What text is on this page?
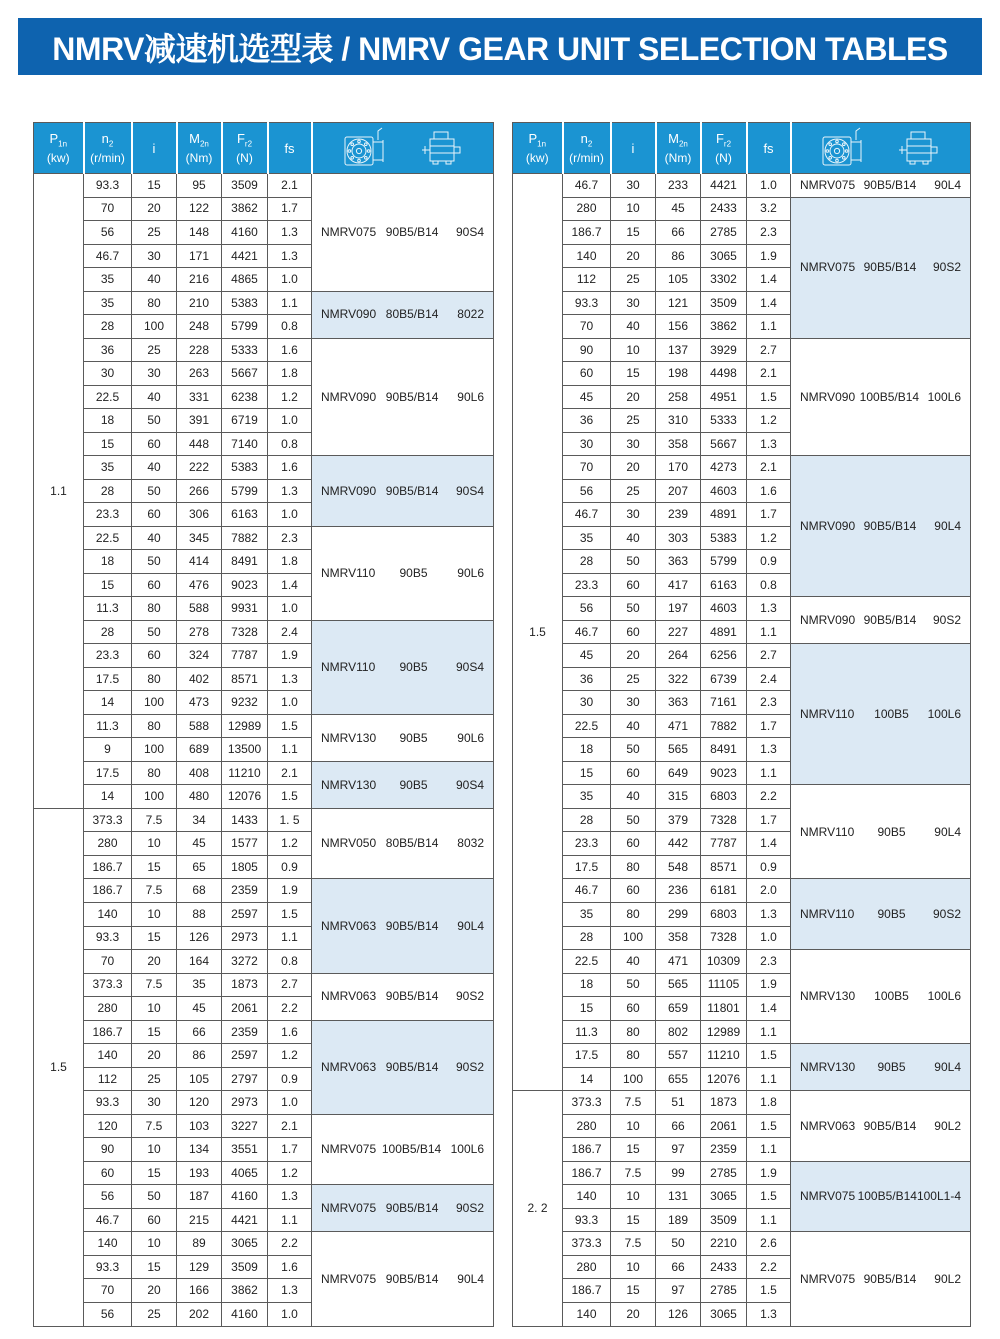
NMRV减速机选型表 / NMRV GEAR UNIT SELECTION TABLES
$P_{1n}$
(kw)	$n_2$
(r/min)	i	$M_{2n}$
(Nm)	$F_{r2}$
(N)	fs

1.1	93.3	15	95	3509	2.1	NMRV075 90B5/B14 90S4

	70	20	122	3862	1.7	
	56	25	148	4160	1.3	
	46.7	30	171	4421	1.3	
	35	40	216	4865	1.0	
	35	80	210	5383	1.1	NMRV090 80B5/B14 8022

	28	100	248	5799	0.8	
	36	25	228	5333	1.6	NMRV090 90B5/B14 90L6

	30	30	263	5667	1.8	
	22.5	40	331	6238	1.2	
	18	50	391	6719	1.0	
	15	60	448	7140	0.8	
	35	40	222	5383	1.6	NMRV090 90B5/B14 90S4

	28	50	266	5799	1.3	
	23.3	60	306	6163	1.0	
	22.5	40	345	7882	2.3	NMRV110 90B5 90L6

	18	50	414	8491	1.8	
	15	60	476	9023	1.4	
	11.3	80	588	9931	1.0	
	28	50	278	7328	2.4	NMRV110 90B5 90S4

	23.3	60	324	7787	1.9	
	17.5	80	402	8571	1.3	
	14	100	473	9232	1.0	
	11.3	80	588	12989	1.5	NMRV130 90B5 90L6

	9	100	689	13500	1.1	
	17.5	80	408	11210	2.1	NMRV130 90B5 90S4

	14	100	480	12076	1.5	
1.5	373.3	7.5	34	1433	1. 5	NMRV050 80B5/B14 8032

	280	10	45	1577	1.2	
	186.7	15	65	1805	0.9	
	186.7	7.5	68	2359	1.9	NMRV063 90B5/B14 90L4

	140	10	88	2597	1.5	
	93.3	15	126	2973	1.1	
	70	20	164	3272	0.8	
	373.3	7.5	35	1873	2.7	NMRV063 90B5/B14 90S2

	280	10	45	2061	2.2	
	186.7	15	66	2359	1.6	NMRV063 90B5/B14 90S2

	140	20	86	2597	1.2	
	112	25	105	2797	0.9	
	93.3	30	120	2973	1.0	
	120	7.5	103	3227	2.1	NMRV075 100B5/B14 100L6

	90	10	134	3551	1.7	
	60	15	193	4065	1.2	
	56	50	187	4160	1.3	NMRV075 90B5/B14 90S2

	46.7	60	215	4421	1.1	
	140	10	89	3065	2.2	NMRV075 90B5/B14 90L4

	93.3	15	129	3509	1.6	
	70	20	166	3862	1.3	
	56	25	202	4160	1.0	
$P_{1n}$
(kw)	$n_2$
(r/min)	i	$M_{2n}$
(Nm)	$F_{r2}$
(N)	fs

1.5	46.7	30	233	4421	1.0	NMRV075 90B5/B14 90L4

	280	10	45	2433	3.2	NMRV075 90B5/B14 90S2

	186.7	15	66	2785	2.3	
	140	20	86	3065	1.9	
	112	25	105	3302	1.4	
	93.3	30	121	3509	1.4	
	70	40	156	3862	1.1	
	90	10	137	3929	2.7	NMRV090 100B5/B14 100L6

	60	15	198	4498	2.1	
	45	20	258	4951	1.5	
	36	25	310	5333	1.2	
	30	30	358	5667	1.3	
	70	20	170	4273	2.1	NMRV090 90B5/B14 90L4

	56	25	207	4603	1.6	
	46.7	30	239	4891	1.7	
	35	40	303	5383	1.2	
	28	50	363	5799	0.9	
	23.3	60	417	6163	0.8	
	56	50	197	4603	1.3	NMRV090 90B5/B14 90S2

	46.7	60	227	4891	1.1	
	45	20	264	6256	2.7	NMRV110 100B5 100L6

	36	25	322	6739	2.4	
	30	30	363	7161	2.3	
	22.5	40	471	7882	1.7	
	18	50	565	8491	1.3	
	15	60	649	9023	1.1	
	35	40	315	6803	2.2	NMRV110 90B5 90L4

	28	50	379	7328	1.7	
	23.3	60	442	7787	1.4	
	17.5	80	548	8571	0.9	
	46.7	60	236	6181	2.0	NMRV110 90B5 90S2

	35	80	299	6803	1.3	
	28	100	358	7328	1.0	
	22.5	40	471	10309	2.3	NMRV130 100B5 100L6

	18	50	565	11105	1.9	
	15	60	659	11801	1.4	
	11.3	80	802	12989	1.1	
	17.5	80	557	11210	1.5	NMRV130 90B5 90L4

	14	100	655	12076	1.1	
2. 2	373.3	7.5	51	1873	1.8	NMRV063 90B5/B14 90L2

	280	10	66	2061	1.5	
	186.7	15	97	2359	1.1	
	186.7	7.5	99	2785	1.9	NMRV075 100B5/B14 100L1-4

	140	10	131	3065	1.5	
	93.3	15	189	3509	1.1	
	373.3	7.5	50	2210	2.6	NMRV075 90B5/B14 90L2

	280	10	66	2433	2.2	
	186.7	15	97	2785	1.5	
	140	20	126	3065	1.3	
